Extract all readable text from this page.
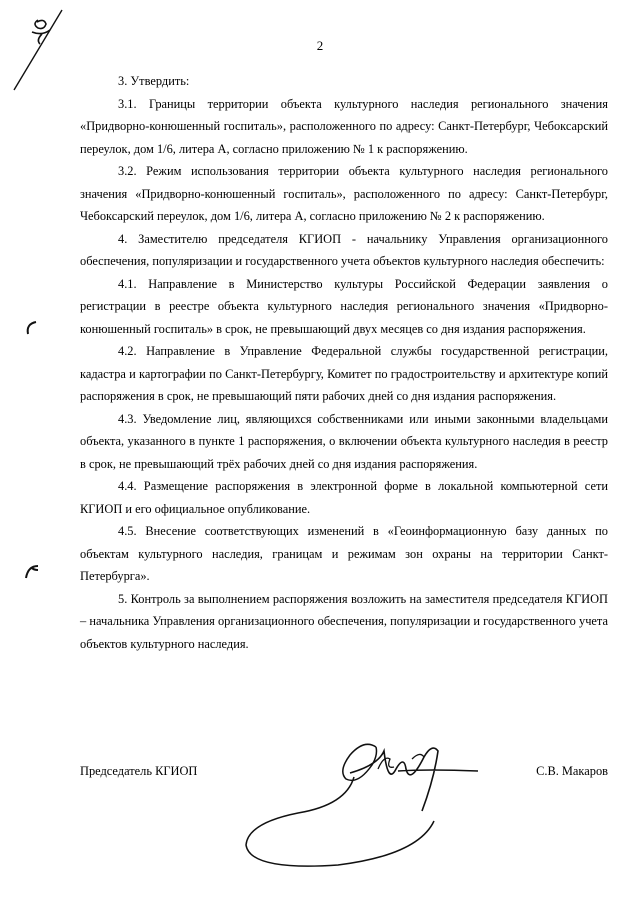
2

3. Утвердить:

3.1. Границы территории объекта культурного наследия регионального значения «Придворно-конюшенный госпиталь», расположенного по адресу: Санкт-Петербург, Чебоксарский переулок, дом 1/6, литера А, согласно приложению № 1 к распоряжению.

3.2. Режим использования территории объекта культурного наследия регионального значения «Придворно-конюшенный госпиталь», расположенного по адресу: Санкт-Петербург, Чебоксарский переулок, дом 1/6, литера А, согласно приложению № 2 к распоряжению.

4. Заместителю председателя КГИОП - начальнику Управления организационного обеспечения, популяризации и государственного учета объектов культурного наследия обеспечить:

4.1. Направление в Министерство культуры Российской Федерации заявления о регистрации в реестре объекта культурного наследия регионального значения «Придворно-конюшенный госпиталь» в срок, не превышающий двух месяцев со дня издания распоряжения.

4.2. Направление в Управление Федеральной службы государственной регистрации, кадастра и картографии по Санкт-Петербургу, Комитет по градостроительству и архитектуре копий распоряжения в срок, не превышающий пяти рабочих дней со дня издания распоряжения.

4.3. Уведомление лиц, являющихся собственниками или иными законными владельцами объекта, указанного в пункте 1 распоряжения, о включении объекта культурного наследия в реестр в срок, не превышающий трёх рабочих дней со дня издания распоряжения.

4.4. Размещение распоряжения в электронной форме в локальной компьютерной сети КГИОП и его официальное опубликование.

4.5. Внесение соответствующих изменений в «Геоинформационную базу данных по объектам культурного наследия, границам и режимам зон охраны на территории Санкт-Петербурга».

5. Контроль за выполнением распоряжения возложить на заместителя председателя КГИОП – начальника Управления организационного обеспечения, популяризации и государственного учета объектов культурного наследия.

Председатель КГИОП	С.В. Макаров
